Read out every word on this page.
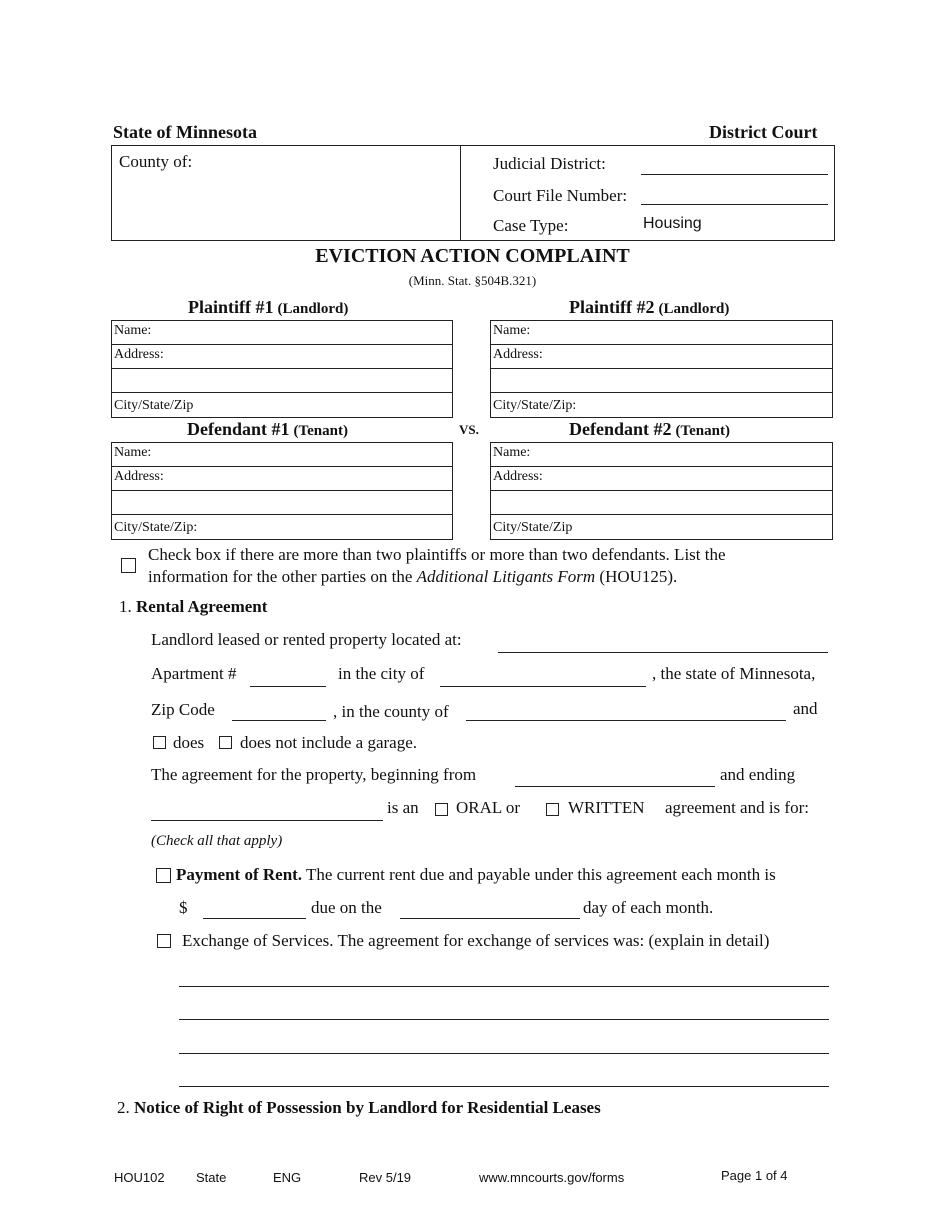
State of Minnesota	District Court
County of:	Judicial District:
Court File Number:
Case Type:	Housing
EVICTION ACTION COMPLAINT
(Minn. Stat. §504B.321)
Plaintiff #1 (Landlord)	Plaintiff #2 (Landlord)
Name:
Address:
City/State/Zip
Name:
Address:
City/State/Zip:
Defendant #1 (Tenant)	VS.	Defendant #2 (Tenant)
Name:
Address:
City/State/Zip:
Name:
Address:
City/State/Zip
Check box if there are more than two plaintiffs or more than two defendants. List the
information for the other parties on the Additional Litigants Form (HOU125).
1. Rental Agreement
Landlord leased or rented property located at:
Apartment #	in the city of	, the state of Minnesota,
Zip Code	, in the county of	and
does does not include a garage.
The agreement for the property, beginning from	and ending
is an ORAL or	WRITTEN agreement and is for:
(Check all that apply)
Payment of Rent. The current rent due and payable under this agreement each month is
$	due on the	day of each month.
Exchange of Services. The agreement for exchange of services was: (explain in detail)
2. Notice of Right of Possession by Landlord for Residential Leases
HOU102 State	ENG	Rev 5/19	www.mncourts.gov/forms	Page 1 of 4
